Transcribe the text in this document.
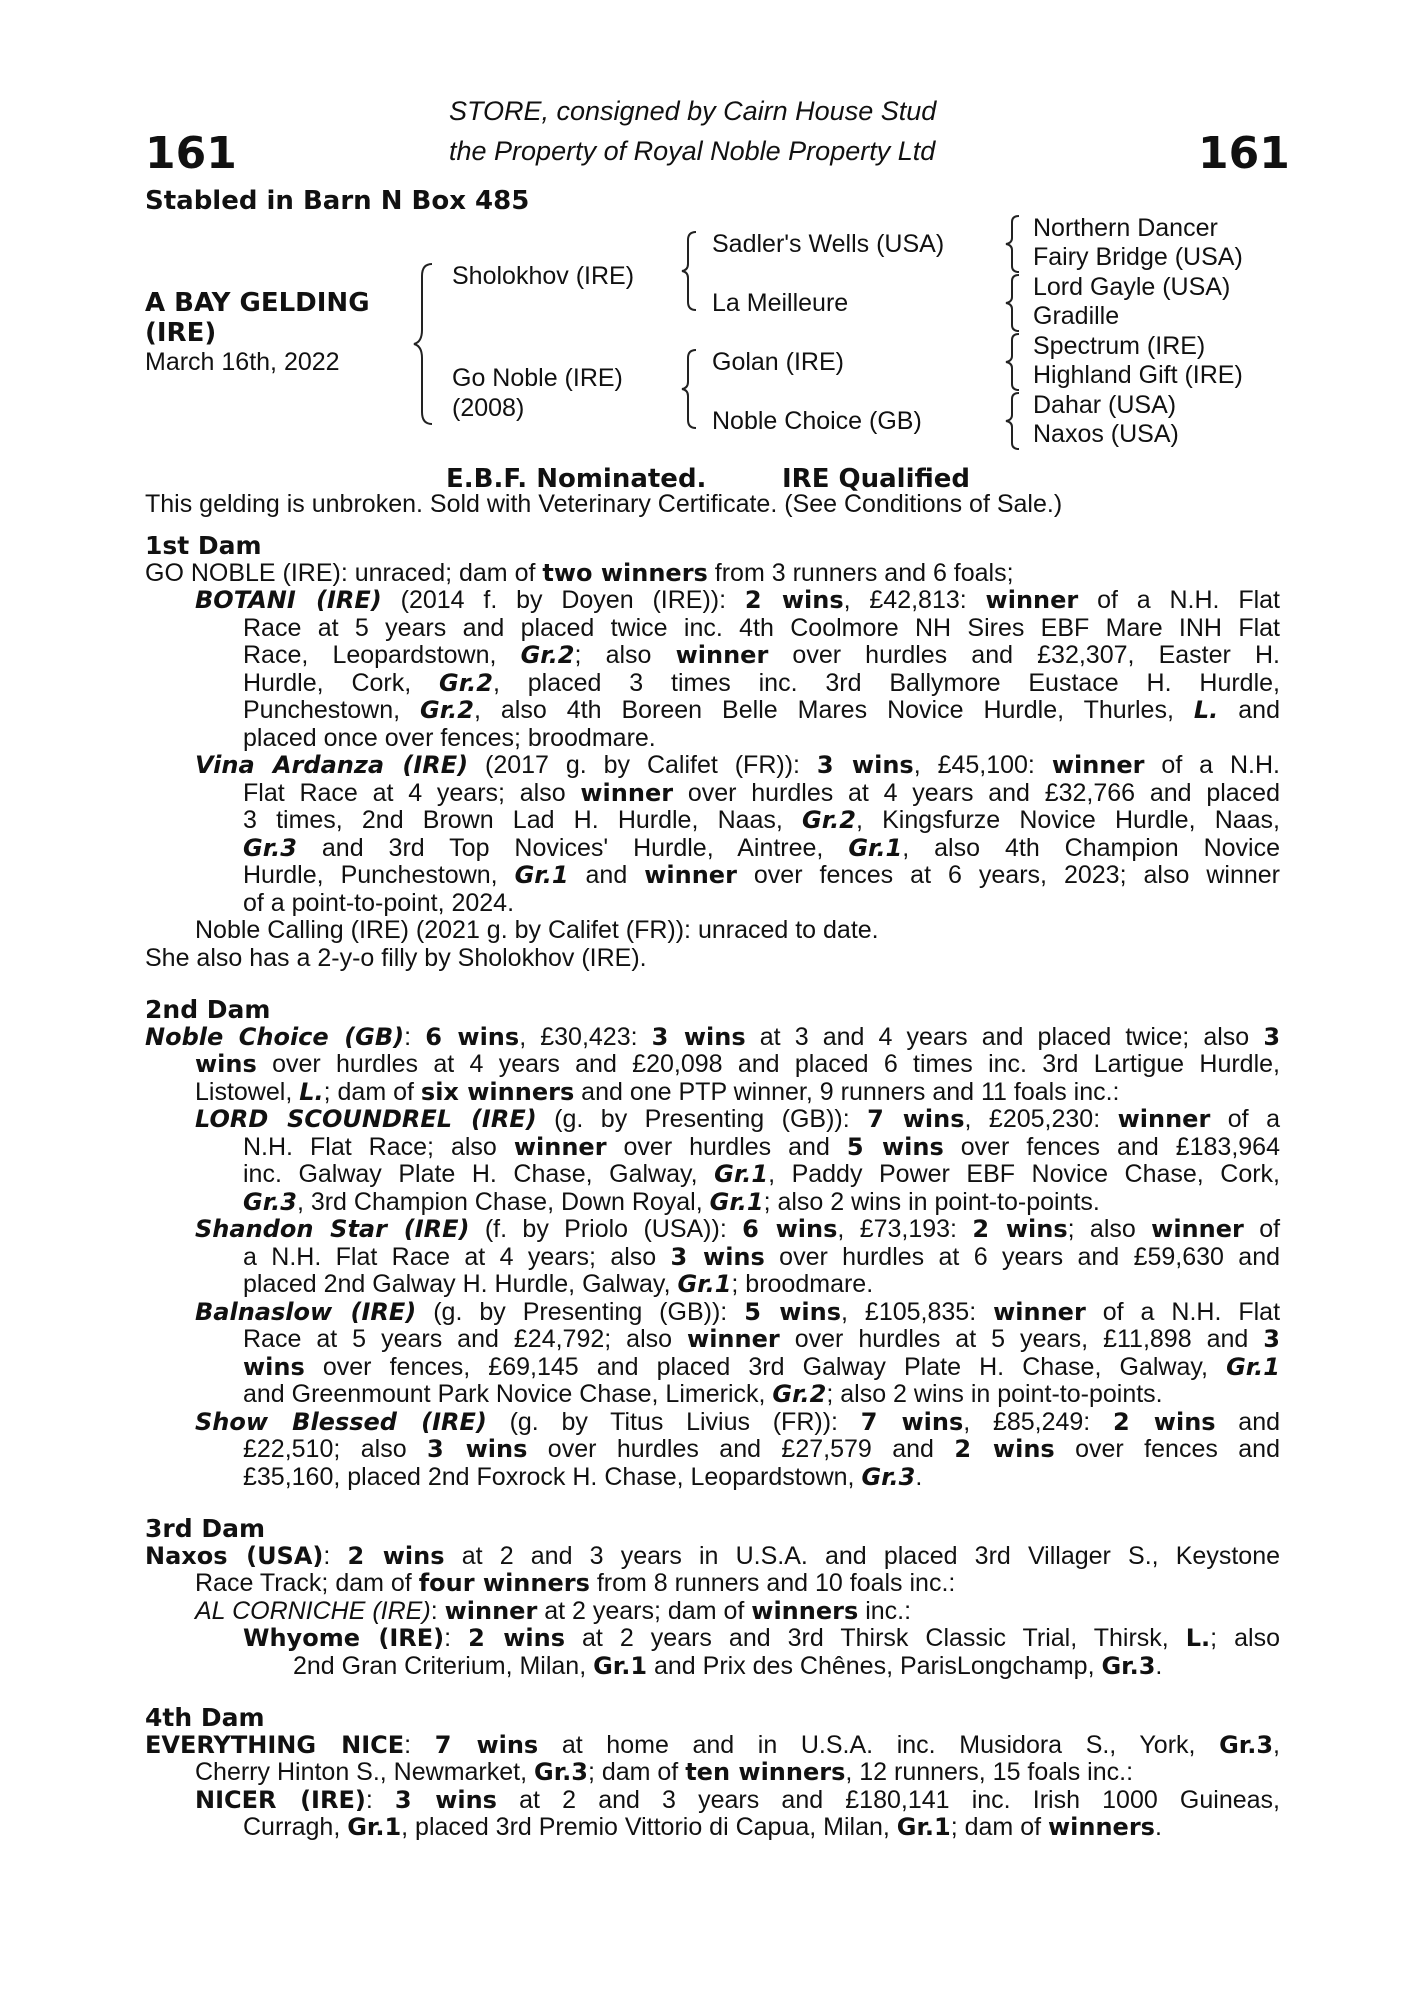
STORE, consigned by Cairn House Stud
the Property of Royal Noble Property Ltd
161	161
Stabled in Barn N Box 485
A BAY GELDING
(IRE)
March 16th, 2022
Sholokhov (IRE)
Go Noble (IRE)
(2008)
Sadler's Wells (USA)
La Meilleure
Golan (IRE)
Noble Choice (GB)
Northern Dancer
Fairy Bridge (USA)
Lord Gayle (USA)
Gradille
Spectrum (IRE)
Highland Gift (IRE)
Dahar (USA)
Naxos (USA)
E.B.F. Nominated.	IRE Qualified
This gelding is unbroken. Sold with Veterinary Certificate. (See Conditions of Sale.)
1st Dam
GO NOBLE (IRE): unraced; dam of two winners from 3 runners and 6 foals;
BOTANI (IRE) (2014 f. by Doyen (IRE)): 2 wins, £42,813: winner of a N.H. Flat
Race at 5 years and placed twice inc. 4th Coolmore NH Sires EBF Mare INH Flat
Race, Leopardstown, Gr.2; also winner over hurdles and £32,307, Easter H.
Hurdle, Cork, Gr.2, placed 3 times inc. 3rd Ballymore Eustace H. Hurdle,
Punchestown, Gr.2, also 4th Boreen Belle Mares Novice Hurdle, Thurles, L. and
placed once over fences; broodmare.
Vina Ardanza (IRE) (2017 g. by Califet (FR)): 3 wins, £45,100: winner of a N.H.
Flat Race at 4 years; also winner over hurdles at 4 years and £32,766 and placed
3 times, 2nd Brown Lad H. Hurdle, Naas, Gr.2, Kingsfurze Novice Hurdle, Naas,
Gr.3 and 3rd Top Novices' Hurdle, Aintree, Gr.1, also 4th Champion Novice
Hurdle, Punchestown, Gr.1 and winner over fences at 6 years, 2023; also winner
of a point-to-point, 2024.
Noble Calling (IRE) (2021 g. by Califet (FR)): unraced to date.
She also has a 2-y-o filly by Sholokhov (IRE).
2nd Dam
Noble Choice (GB): 6 wins, £30,423: 3 wins at 3 and 4 years and placed twice; also 3
wins over hurdles at 4 years and £20,098 and placed 6 times inc. 3rd Lartigue Hurdle,
Listowel, L.; dam of six winners and one PTP winner, 9 runners and 11 foals inc.:
LORD SCOUNDREL (IRE) (g. by Presenting (GB)): 7 wins, £205,230: winner of a
N.H. Flat Race; also winner over hurdles and 5 wins over fences and £183,964
inc. Galway Plate H. Chase, Galway, Gr.1, Paddy Power EBF Novice Chase, Cork,
Gr.3, 3rd Champion Chase, Down Royal, Gr.1; also 2 wins in point-to-points.
Shandon Star (IRE) (f. by Priolo (USA)): 6 wins, £73,193: 2 wins; also winner of
a N.H. Flat Race at 4 years; also 3 wins over hurdles at 6 years and £59,630 and
placed 2nd Galway H. Hurdle, Galway, Gr.1; broodmare.
Balnaslow (IRE) (g. by Presenting (GB)): 5 wins, £105,835: winner of a N.H. Flat
Race at 5 years and £24,792; also winner over hurdles at 5 years, £11,898 and 3
wins over fences, £69,145 and placed 3rd Galway Plate H. Chase, Galway, Gr.1
and Greenmount Park Novice Chase, Limerick, Gr.2; also 2 wins in point-to-points.
Show Blessed (IRE) (g. by Titus Livius (FR)): 7 wins, £85,249: 2 wins and
£22,510; also 3 wins over hurdles and £27,579 and 2 wins over fences and
£35,160, placed 2nd Foxrock H. Chase, Leopardstown, Gr.3.
3rd Dam
Naxos (USA): 2 wins at 2 and 3 years in U.S.A. and placed 3rd Villager S., Keystone
Race Track; dam of four winners from 8 runners and 10 foals inc.:
AL CORNICHE (IRE): winner at 2 years; dam of winners inc.:
Whyome (IRE): 2 wins at 2 years and 3rd Thirsk Classic Trial, Thirsk, L.; also
2nd Gran Criterium, Milan, Gr.1 and Prix des Chênes, ParisLongchamp, Gr.3.
4th Dam
EVERYTHING NICE: 7 wins at home and in U.S.A. inc. Musidora S., York, Gr.3,
Cherry Hinton S., Newmarket, Gr.3; dam of ten winners, 12 runners, 15 foals inc.:
NICER (IRE): 3 wins at 2 and 3 years and £180,141 inc. Irish 1000 Guineas,
Curragh, Gr.1, placed 3rd Premio Vittorio di Capua, Milan, Gr.1; dam of winners.
